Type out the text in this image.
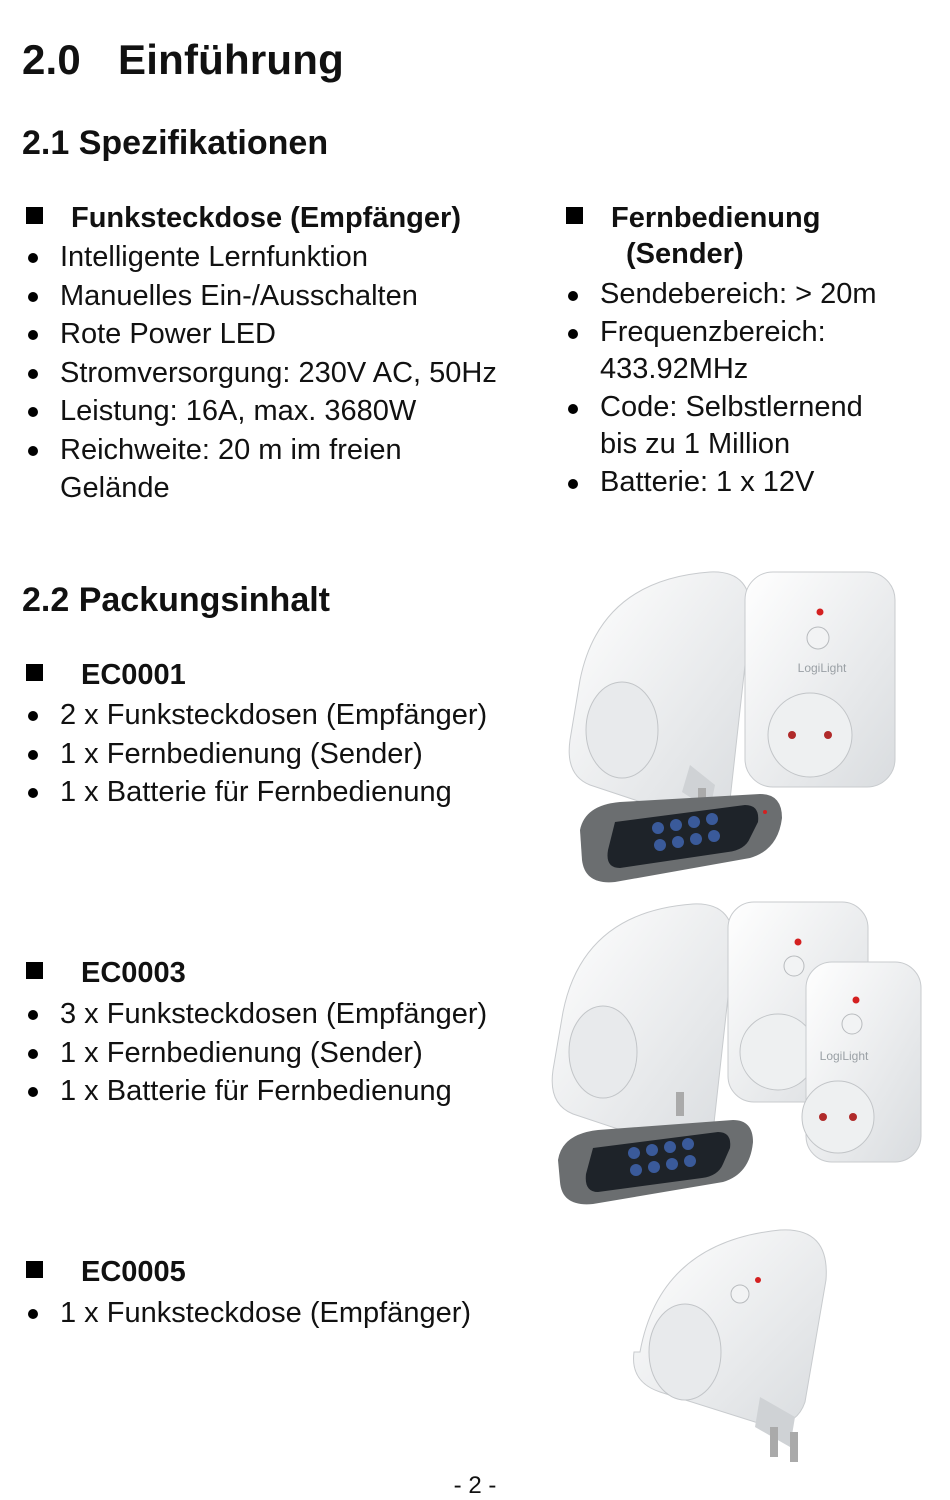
2.0 Einführung
2.1 Spezifikationen
Funksteckdose (Empfänger)
Intelligente Lernfunktion
Manuelles Ein-/Ausschalten
Rote Power LED
Stromversorgung: 230V AC, 50Hz
Leistung: 16A, max. 3680W
Reichweite: 20 m im freien Gelände
Fernbedienung
(Sender)
Sendebereich: > 20m
Frequenzbereich: 433.92MHz
Code: Selbstlernend bis zu 1 Million
Batterie: 1 x 12V
2.2 Packungsinhalt
EC0001
2 x Funksteckdosen (Empfänger)
1 x Fernbedienung (Sender)
1 x Batterie für Fernbedienung
EC0003
3 x Funksteckdosen (Empfänger)
1 x Fernbedienung (Sender)
1 x Batterie für Fernbedienung
EC0005
1 x Funksteckdose (Empfänger)
LogiLight
LogiLight
- 2 -
